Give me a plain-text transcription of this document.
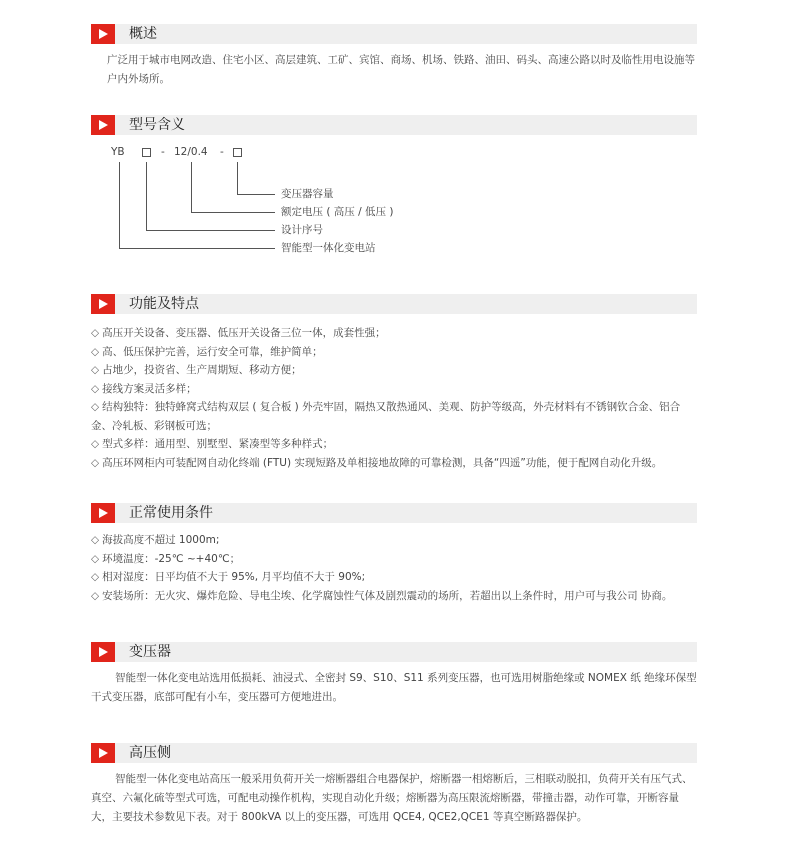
概述

广泛用于城市电网改造、住宅小区、高层建筑、工矿、宾馆、商场、机场、铁路、油田、码头、高速公路以时及临性用电设施等户内外场所。

型号含义
YB	- 12/0.4 -
变压器容量
额定电压 ( 高压 / 低压 )
设计序号
智能型一体化变电站
功能及特点
◇ 高压开关设备、变压器、低压开关设备三位一体，成套性强；
◇ 高、低压保护完善，运行安全可靠，维护简单；
◇ 占地少，投资省、生产周期短、移动方便；
◇ 接线方案灵活多样；
◇ 结构独特：独特蜂窝式结构双层 ( 复合板 ) 外壳牢固，隔热又散热通风、美观、防护等级高，外壳材料有不锈钢钦合金、铝合金、冷轧板、彩钢板可选；
◇ 型式多样：通用型、别墅型、紧凑型等多种样式；
◇ 高压环网柜内可装配网自动化终端 (FTU) 实现短路及单相接地故障的可靠检测，具备“四遥”功能，便于配网自动化升级。
正常使用条件
◇ 海拔高度不超过 1000m;
◇ 环境温度：-25℃ ~+40℃；
◇ 相对湿度：日平均值不大于 95%, 月平均值不大于 90%;
◇ 安装场所：无火灾、爆炸危险、导电尘埃、化学腐蚀性气体及剧烈震动的场所，若超出以上条件时，用户可与我公司 协商。
变压器

智能型一体化变电站选用低损耗、油浸式、全密封 S9、S10、S11 系列变压器，也可选用树脂绝缘或 NOMEX 纸 绝缘环保型干式变压器，底部可配有小车，变压器可方便地进出。

高压侧

智能型一体化变电站高压一般采用负荷开关一熔断器组合电器保护，熔断器一相熔断后，三相联动脱扣，负荷开关有压气式、真空、六氟化硫等型式可选，可配电动操作机构，实现自动化升级；熔断器为高压限流熔断器，带撞击器，动作可靠，开断容量大，主要技术参数见下表。对于 800kVA 以上的变压器，可选用 QCE4, QCE2,QCE1 等真空断路器保护。
